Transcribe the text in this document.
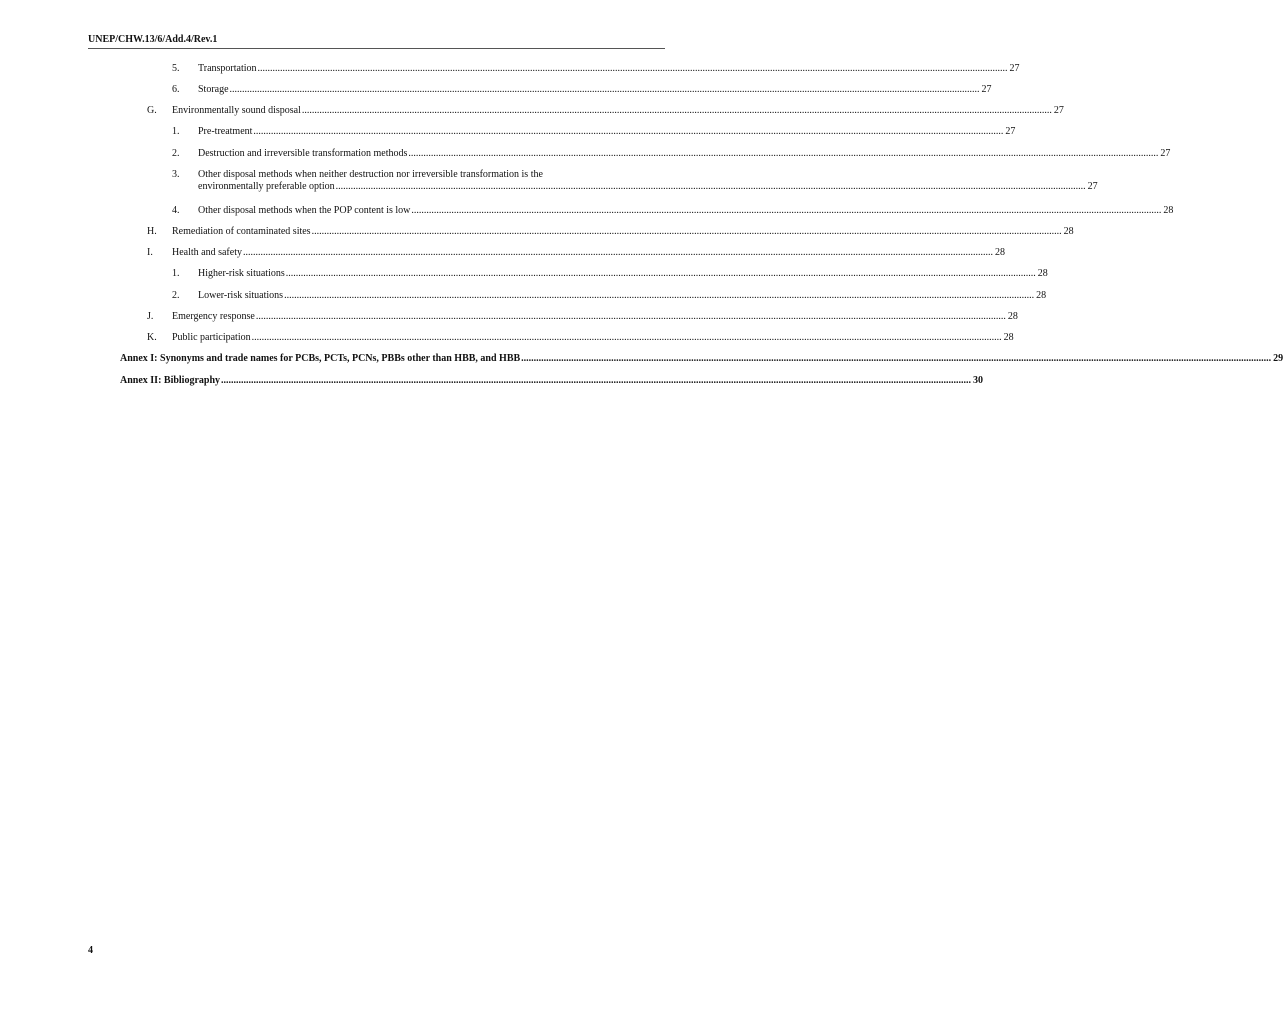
UNEP/CHW.13/6/Add.4/Rev.1
5. Transportation ............................................................................................................................................................................................................................................................................................................ 27
6. Storage ............................................................................................................................................................................................................................................................................................................ 27
G. Environmentally sound disposal ............................................................................................................................................................................................................................................................................................................ 27
1. Pre-treatment ............................................................................................................................................................................................................................................................................................................ 27
2. Destruction and irreversible transformation methods ............................................................................................................................................................................................................................................................................................................ 27
3. Other disposal methods when neither destruction nor irreversible transformation is the
environmentally preferable option ............................................................................................................................................................................................................................................................................................................ 27
4. Other disposal methods when the POP content is low ............................................................................................................................................................................................................................................................................................................ 28
H. Remediation of contaminated sites ............................................................................................................................................................................................................................................................................................................ 28
I. Health and safety ............................................................................................................................................................................................................................................................................................................ 28
1. Higher-risk situations ............................................................................................................................................................................................................................................................................................................ 28
2. Lower-risk situations ............................................................................................................................................................................................................................................................................................................ 28
J. Emergency response ............................................................................................................................................................................................................................................................................................................ 28
K. Public participation ............................................................................................................................................................................................................................................................................................................ 28
Annex I: Synonyms and trade names for PCBs, PCTs, PCNs, PBBs other than HBB, and HBB ............................................................................................................................................................................................................................................................................................................ 29
Annex II: Bibliography ............................................................................................................................................................................................................................................................................................................ 30
4
